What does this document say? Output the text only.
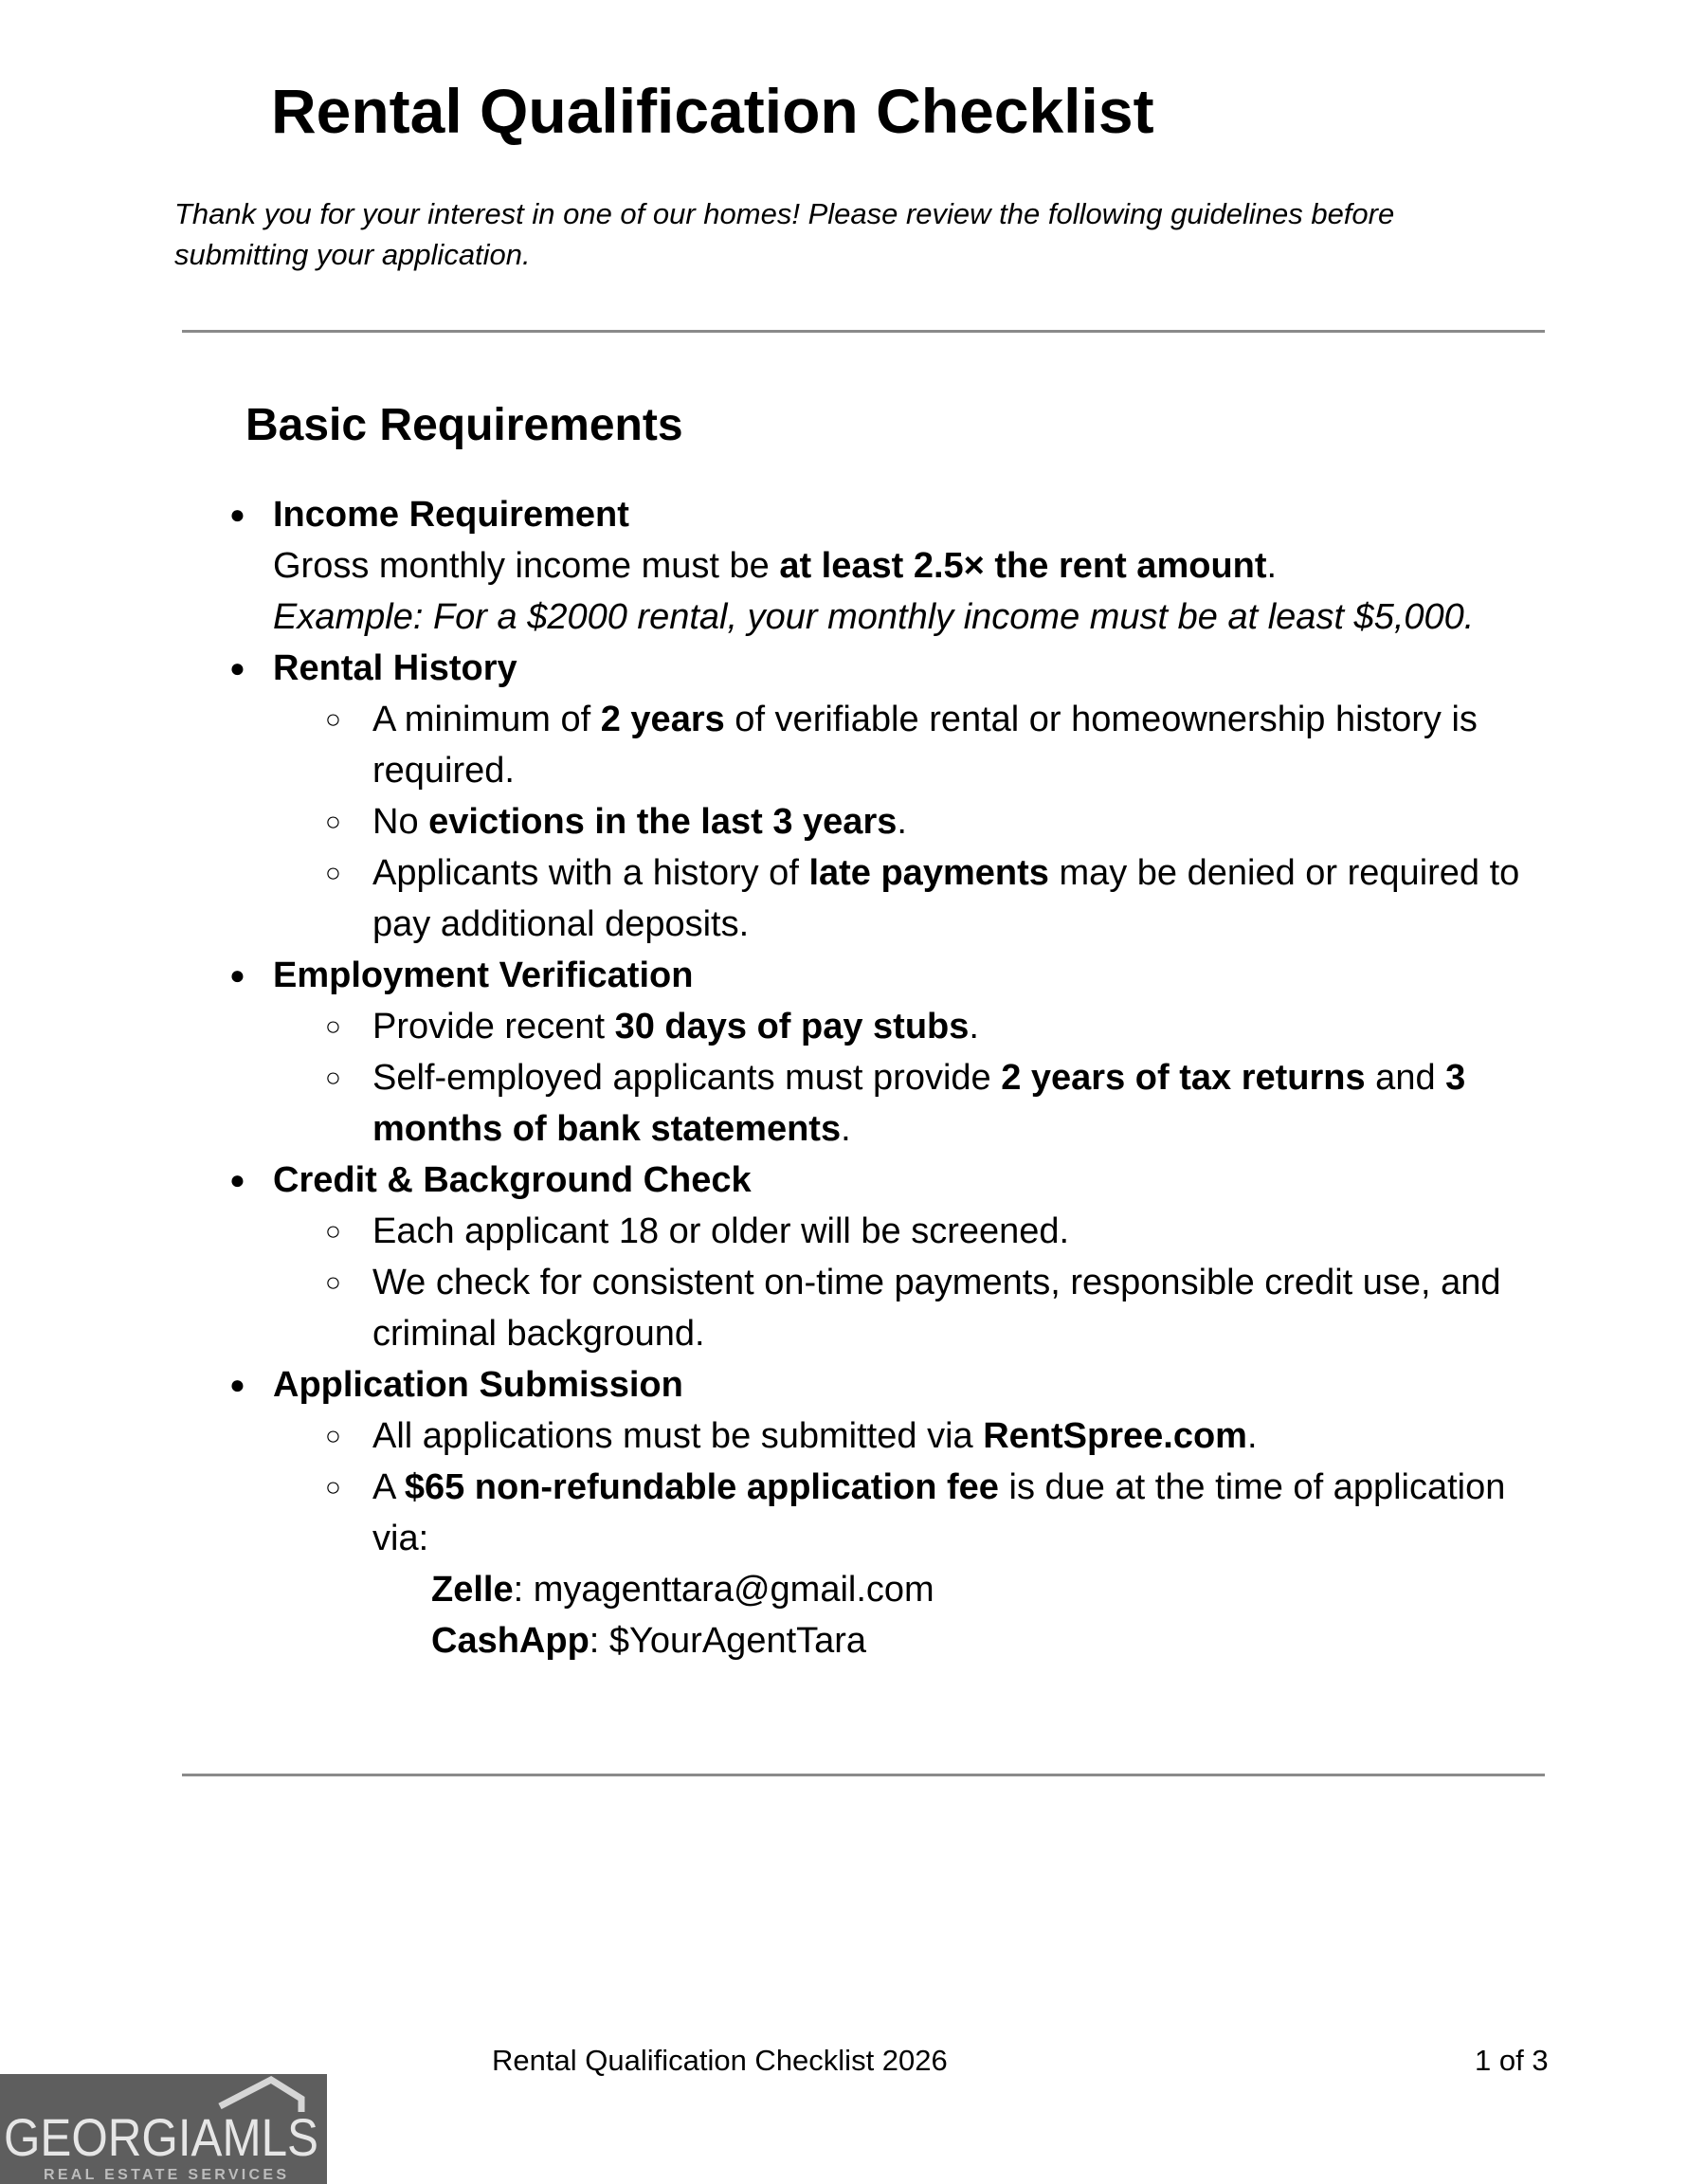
Rental Qualification Checklist

Thank you for your interest in one of our homes! Please review the following guidelines before submitting your application.

Basic Requirements
● Income Requirement
Gross monthly income must be at least 2.5× the rent amount.
Example: For a $2000 rental, your monthly income must be at least $5,000.
● Rental History
○ A minimum of 2 years of verifiable rental or homeownership history is required.
○ No evictions in the last 3 years.
○ Applicants with a history of late payments may be denied or required to pay additional deposits.
● Employment Verification
○ Provide recent 30 days of pay stubs.
○ Self-employed applicants must provide 2 years of tax returns and 3 months of bank statements.
● Credit & Background Check
○ Each applicant 18 or older will be screened.
○ We check for consistent on-time payments, responsible credit use, and criminal background.
● Application Submission
○ All applications must be submitted via RentSpree.com.
○ A $65 non-refundable application fee is due at the time of application via:
Zelle: myagenttara@gmail.com
CashApp: $YourAgentTara
Rental Qualification Checklist 2026	1 of 3
GEORGIAMLS
REAL ESTATE SERVICES
